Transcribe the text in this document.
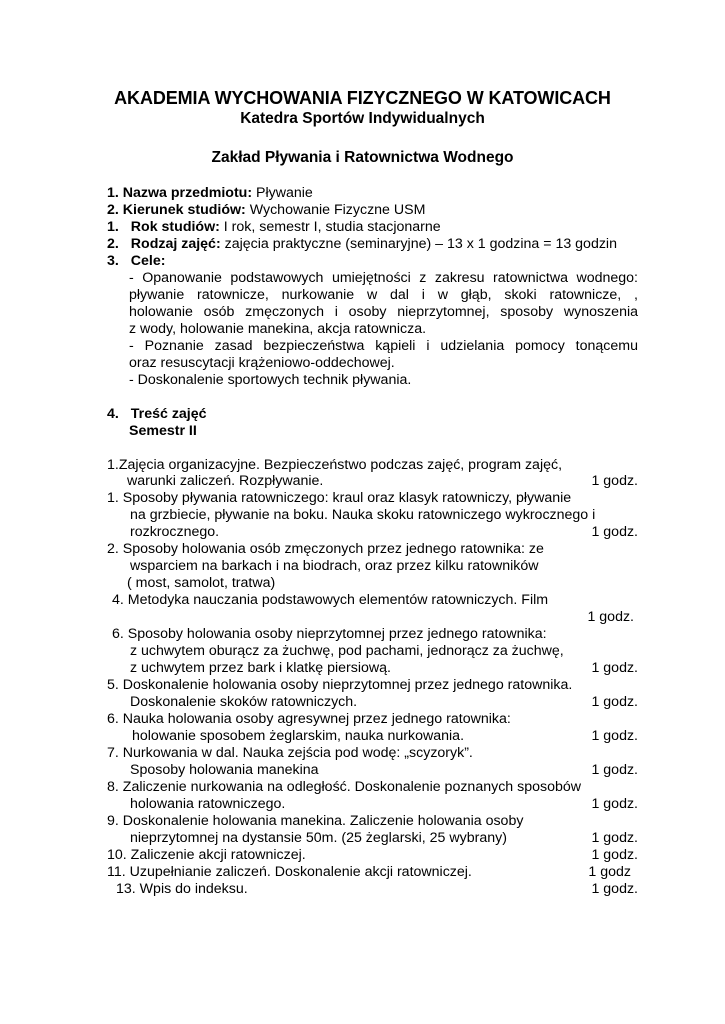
AKADEMIA WYCHOWANIA FIZYCZNEGO W KATOWICACH
Katedra Sportów Indywidualnych
Zakład Pływania i Ratownictwa Wodnego
1. Nazwa przedmiotu: Pływanie
2. Kierunek studiów: Wychowanie Fizyczne USM
1. Rok studiów: I rok, semestr I, studia stacjonarne
2. Rodzaj zajęć: zajęcia praktyczne (seminaryjne) – 13 x 1 godzina = 13 godzin
3. Cele:
- Opanowanie podstawowych umiejętności z zakresu ratownictwa wodnego:
pływanie ratownicze, nurkowanie w dal i w głąb, skoki ratownicze, ,
holowanie osób zmęczonych i osoby nieprzytomnej, sposoby wynoszenia
z wody, holowanie manekina, akcja ratownicza.
- Poznanie zasad bezpieczeństwa kąpieli i udzielania pomocy tonącemu
oraz resuscytacji krążeniowo-oddechowej.
- Doskonalenie sportowych technik pływania.
4. Treść zajęć
Semestr II
1.Zajęcia organizacyjne. Bezpieczeństwo podczas zajęć, program zajęć,
warunki zaliczeń. Rozpływanie.
1. Sposoby pływania ratowniczego: kraul oraz klasyk ratowniczy, pływanie
na grzbiecie, pływanie na boku. Nauka skoku ratowniczego wykrocznego i
rozkrocznego.
2. Sposoby holowania osób zmęczonych przez jednego ratownika: ze
wsparciem na barkach i na biodrach, oraz przez kilku ratowników
( most, samolot, tratwa)
4. Metodyka nauczania podstawowych elementów ratowniczych. Film
6. Sposoby holowania osoby nieprzytomnej przez jednego ratownika:
z uchwytem oburącz za żuchwę, pod pachami, jednorącz za żuchwę,
z uchwytem przez bark i klatkę piersiową.
5. Doskonalenie holowania osoby nieprzytomnej przez jednego ratownika.
Doskonalenie skoków ratowniczych.
6. Nauka holowania osoby agresywnej przez jednego ratownika:
holowanie sposobem żeglarskim, nauka nurkowania.
7. Nurkowania w dal. Nauka zejścia pod wodę: „scyzoryk”.
Sposoby holowania manekina
8. Zaliczenie nurkowania na odległość. Doskonalenie poznanych sposobów
holowania ratowniczego.
9. Doskonalenie holowania manekina. Zaliczenie holowania osoby
nieprzytomnej na dystansie 50m. (25 żeglarski, 25 wybrany)
10. Zaliczenie akcji ratowniczej.
11. Uzupełnianie zaliczeń. Doskonalenie akcji ratowniczej.
13. Wpis do indeksu.
1 godz.
1 godz.
1 godz.
1 godz.
1 godz.
1 godz.
1 godz.
1 godz.
1 godz.
1 godz.
1 godz
1 godz.
